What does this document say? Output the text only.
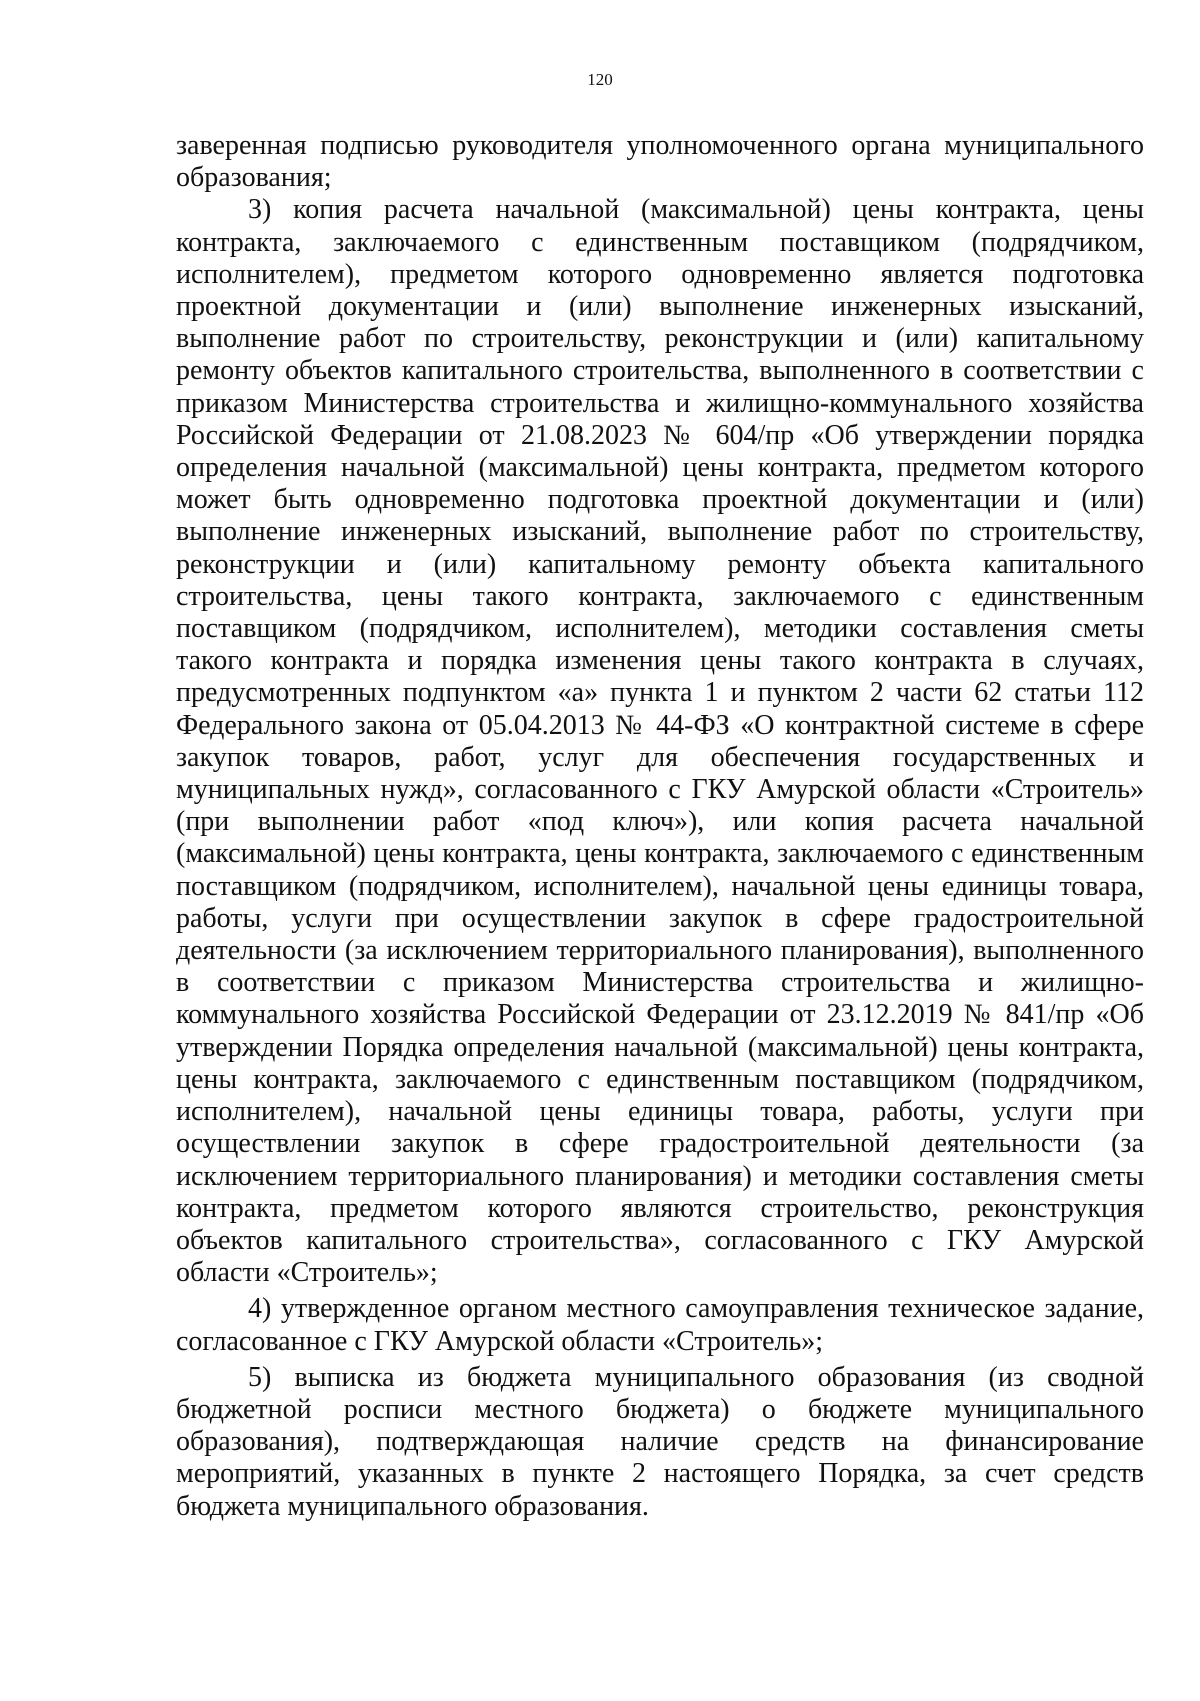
120

заверенная подписью руководителя уполномоченного органа муниципального образования;

3) копия расчета начальной (максимальной) цены контракта, цены контракта, заключаемого с единственным поставщиком (подрядчиком, исполнителем), предметом которого одновременно является подготовка проектной документации и (или) выполнение инженерных изысканий, выполнение работ по строительству, реконструкции и (или) капитальному ремонту объектов капитального строительства, выполненного в соответствии с приказом Министерства строительства и жилищно-коммунального хозяйства Российской Федерации от 21.08.2023 № 604/пр «Об утверждении порядка определения начальной (максимальной) цены контракта, предметом которого может быть одновременно подготовка проектной документации и (или) выполнение инженерных изысканий, выполнение работ по строительству, реконструкции и (или) капитальному ремонту объекта капитального строительства, цены такого контракта, заключаемого с единственным поставщиком (подрядчиком, исполнителем), методики составления сметы такого контракта и порядка изменения цены такого контракта в случаях, предусмотренных подпунктом «а» пункта 1 и пунктом 2 части 62 статьи 112 Федерального закона от 05.04.2013 № 44-ФЗ «О контрактной системе в сфере закупок товаров, работ, услуг для обеспечения государственных и муниципальных нужд», согласованного с ГКУ Амурской области «Строитель» (при выполнении работ «под ключ»), или копия расчета начальной (максимальной) цены контракта, цены контракта, заключаемого с единственным поставщиком (подрядчиком, исполнителем), начальной цены единицы товара, работы, услуги при осуществлении закупок в сфере градостроительной деятельности (за исключением территориального планирования), выполненного в соответствии с приказом Министерства строительства и жилищно-коммунального хозяйства Российской Федерации от 23.12.2019 № 841/пр «Об утверждении Порядка определения начальной (максимальной) цены контракта, цены контракта, заключаемого с единственным поставщиком (подрядчиком, исполнителем), начальной цены единицы товара, работы, услуги при осуществлении закупок в сфере градостроительной деятельности (за исключением территориального планирования) и методики составления сметы контракта, предметом которого являются строительство, реконструкция объектов капитального строительства», согласованного с ГКУ Амурской области «Строитель»;

4) утвержденное органом местного самоуправления техническое задание, согласованное с ГКУ Амурской области «Строитель»;

5) выписка из бюджета муниципального образования (из сводной бюджетной росписи местного бюджета) о бюджете муниципального образования), подтверждающая наличие средств на финансирование мероприятий, указанных в пункте 2 настоящего Порядка, за счет средств бюджета муниципального образования.
